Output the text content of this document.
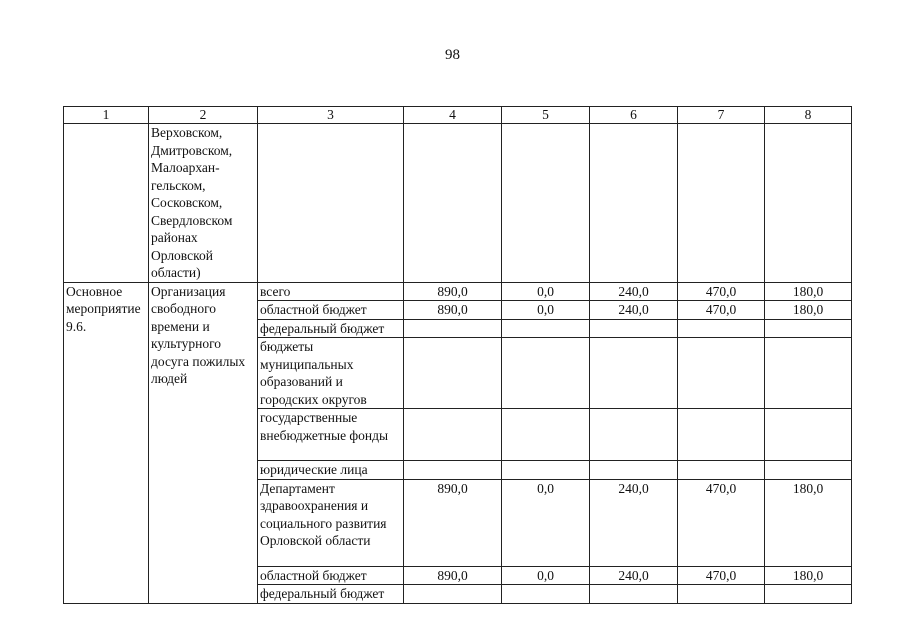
98
1	2	3	4	5	6	7	8
	Верховском, Дмитровском, Малоархан-гельском, Сосковском, Свердловском районах Орловской области)						
Основное мероприятие 9.6.	Организация свободного времени и культурного досуга пожилых людей	всего	890,0	0,0	240,0	470,0	180,0
		областной бюджет	890,0	0,0	240,0	470,0	180,0
		федеральный бюджет					
		бюджеты муниципальных образований и городских округов					
		государственные внебюджетные фонды					
		юридические лица					
		Департамент здравоохранения и социального развития Орловской области	890,0	0,0	240,0	470,0	180,0
		областной бюджет	890,0	0,0	240,0	470,0	180,0
		федеральный бюджет					
